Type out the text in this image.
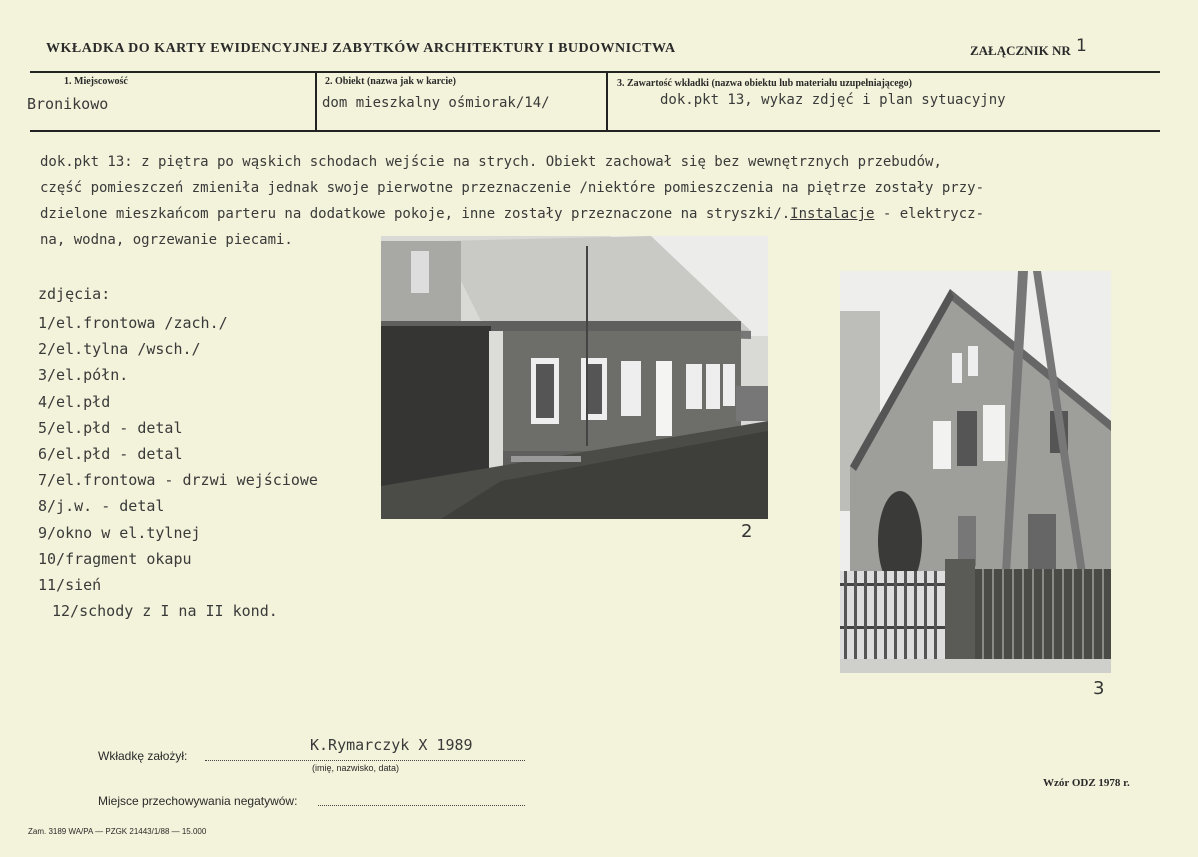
WKŁADKA DO KARTY EWIDENCYJNEJ ZABYTKÓW ARCHITEKTURY I BUDOWNICTWA	ZAŁĄCZNIK NR 1
1. Miejscowość	2. Obiekt (nazwa jak w karcie)	3. Zawartość wkładki (nazwa obiektu lub materiału uzupełniającego)
Bronikowo	dom mieszkalny ośmiorak/14/	dok.pkt 13, wykaz zdjęć i plan sytuacyjny
dok.pkt 13: z piętra po wąskich schodach wejście na strych. Obiekt zachował się bez wewnętrznych przebudów,
część pomieszczeń zmieniła jednak swoje pierwotne przeznaczenie /niektóre pomieszczenia na piętrze zostały przy-
dzielone mieszkańcom parteru na dodatkowe pokoje, inne zostały przeznaczone na stryszki/.Instalacje - elektrycz-
na, wodna, ogrzewanie piecami.
zdjęcia:
1/el.frontowa /zach./
2/el.tylna /wsch./
3/el.półn.
4/el.płd
5/el.płd - detal
6/el.płd - detal
7/el.frontowa - drzwi wejściowe
8/j.w. - detal
9/okno w el.tylnej
10/fragment okapu
11/sień
12/schody z I na II kond.
2
3
Wkładkę założył:
K.Rymarczyk X 1989
(imię, nazwisko, data)
Miejsce przechowywania negatywów:
Wzór ODZ 1978 r.
Zam. 3189 WA/PA — PZGK 21443/1/88 — 15.000
